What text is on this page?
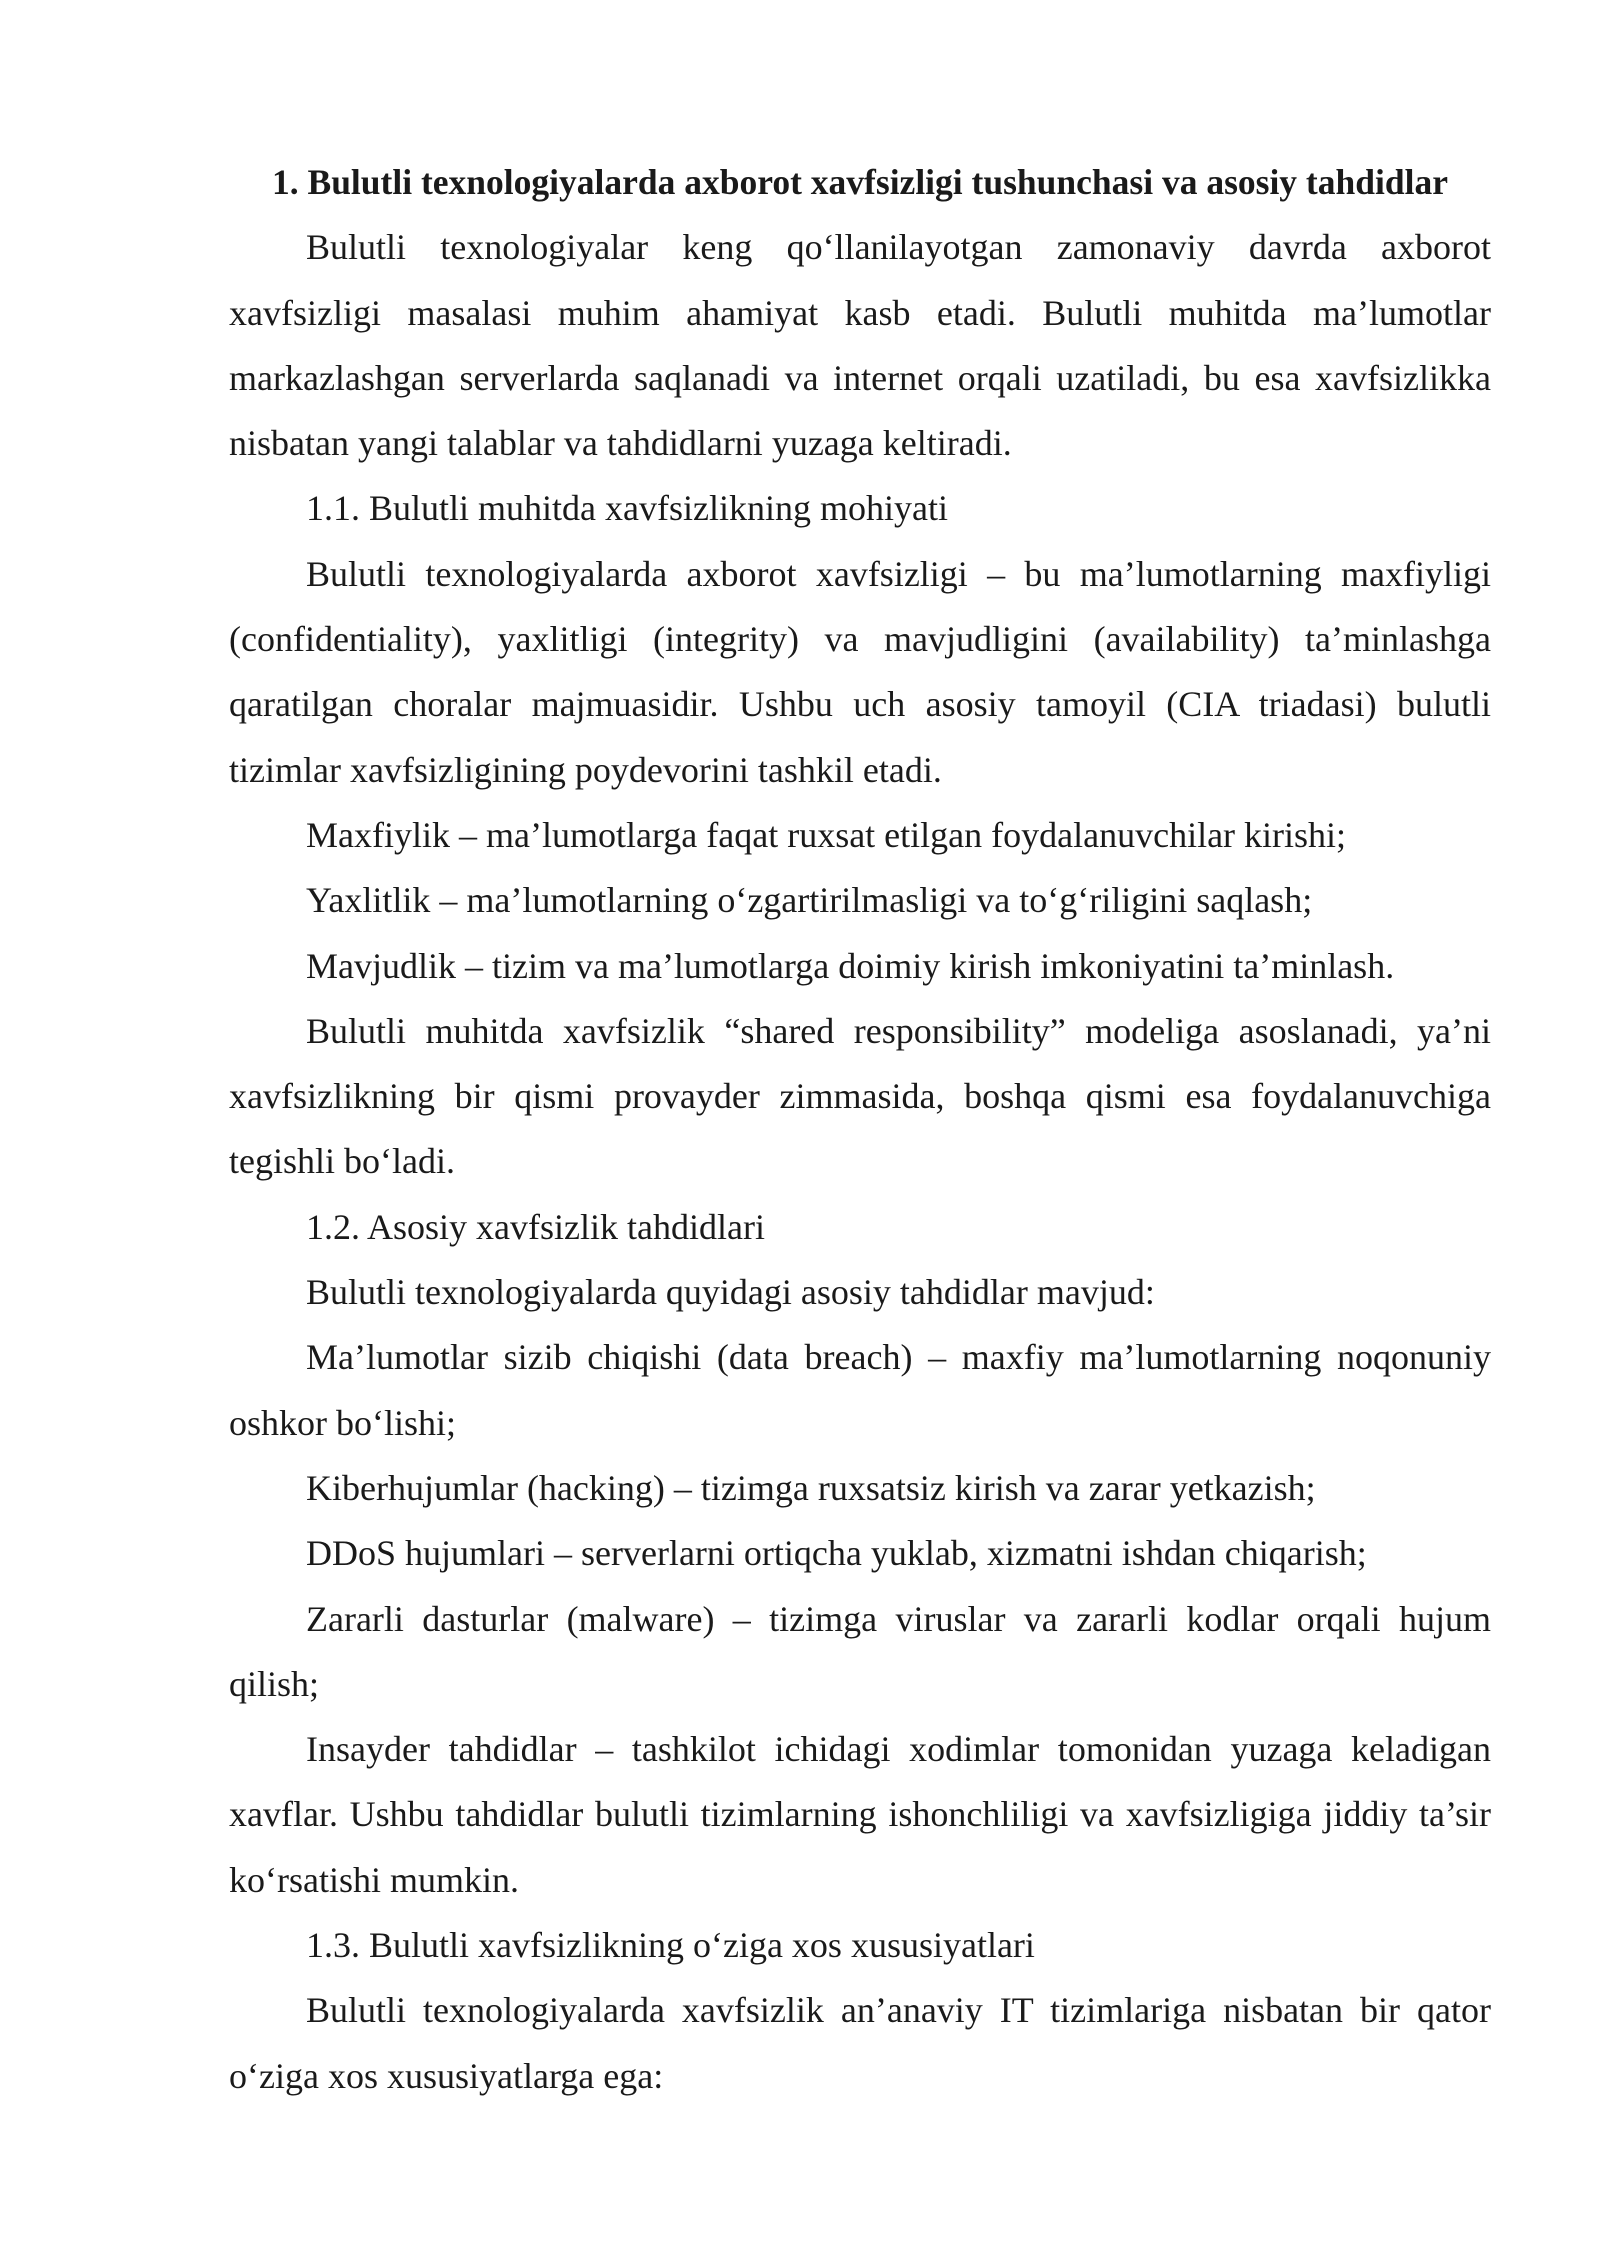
1. Bulutli texnologiyalarda axborot xavfsizligi tushunchasi va asosiy tahdidlar

Bulutli texnologiyalar keng qo‘llanilayotgan zamonaviy davrda axborot xavfsizligi masalasi muhim ahamiyat kasb etadi. Bulutli muhitda ma’lumotlar markazlashgan serverlarda saqlanadi va internet orqali uzatiladi, bu esa xavfsizlikka nisbatan yangi talablar va tahdidlarni yuzaga keltiradi.

1.1. Bulutli muhitda xavfsizlikning mohiyati

Bulutli texnologiyalarda axborot xavfsizligi – bu ma’lumotlarning maxfiyligi (confidentiality), yaxlitligi (integrity) va mavjudligini (availability) ta’minlashga qaratilgan choralar majmuasidir. Ushbu uch asosiy tamoyil (CIA triadasi) bulutli tizimlar xavfsizligining poydevorini tashkil etadi.

Maxfiylik – ma’lumotlarga faqat ruxsat etilgan foydalanuvchilar kirishi;

Yaxlitlik – ma’lumotlarning o‘zgartirilmasligi va to‘g‘riligini saqlash;

Mavjudlik – tizim va ma’lumotlarga doimiy kirish imkoniyatini ta’minlash.

Bulutli muhitda xavfsizlik “shared responsibility” modeliga asoslanadi, ya’ni xavfsizlikning bir qismi provayder zimmasida, boshqa qismi esa foydalanuvchiga tegishli bo‘ladi.

1.2. Asosiy xavfsizlik tahdidlari

Bulutli texnologiyalarda quyidagi asosiy tahdidlar mavjud:

Ma’lumotlar sizib chiqishi (data breach) – maxfiy ma’lumotlarning noqonuniy oshkor bo‘lishi;

Kiberhujumlar (hacking) – tizimga ruxsatsiz kirish va zarar yetkazish;

DDoS hujumlari – serverlarni ortiqcha yuklab, xizmatni ishdan chiqarish;

Zararli dasturlar (malware) – tizimga viruslar va zararli kodlar orqali hujum qilish;

Insayder tahdidlar – tashkilot ichidagi xodimlar tomonidan yuzaga keladigan xavflar. Ushbu tahdidlar bulutli tizimlarning ishonchliligi va xavfsizligiga jiddiy ta’sir ko‘rsatishi mumkin.

1.3. Bulutli xavfsizlikning o‘ziga xos xususiyatlari

Bulutli texnologiyalarda xavfsizlik an’anaviy IT tizimlariga nisbatan bir qator o‘ziga xos xususiyatlarga ega:
